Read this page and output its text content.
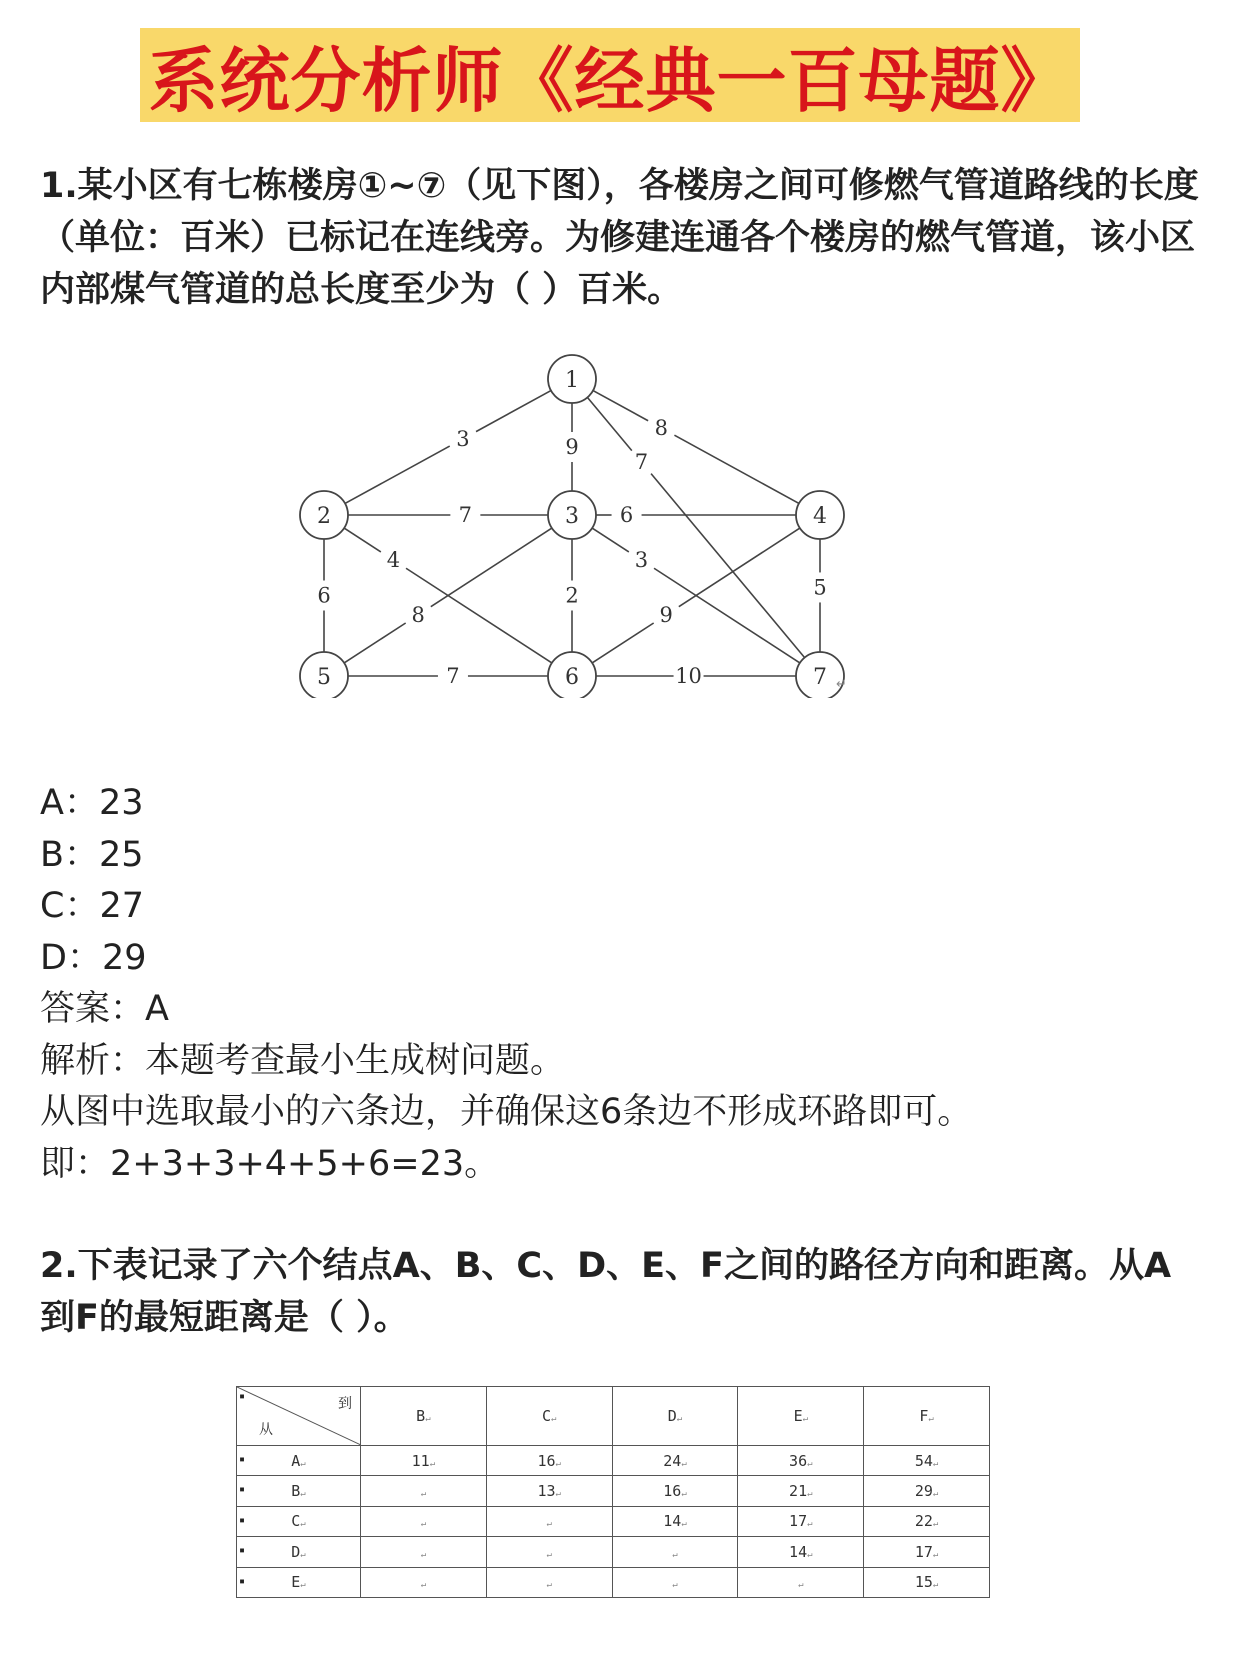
系统分析师《经典一百母题》
1.某小区有七栋楼房①~⑦（见下图），各楼房之间可修燃气管道路线的长度（单位：百米）已标记在连线旁。为修建连通各个楼房的燃气管道，该小区内部煤气管道的总长度至少为（ ）百米。
3	9
7
8
7	6
6
4
8
2
3
9
5
7	10
1
2	3	4
5	6	7 ↵
A：23
B：25
C：27
D：29
答案：A
解析：本题考查最小生成树问题。
从图中选取最小的六条边，并确保这6条边不形成环路即可。
即：2+3+3+4+5+6=23。
2.下表记录了六个结点A、B、C、D、E、F之间的路径方向和距离。从A到F的最短距离是（ ）。
▪ 到
从	B↵	C↵	D↵	E↵	F↵

▪ A↵	11↵	16↵	24↵	36↵	54↵

▪ B↵	↵	13↵	16↵	21↵	29↵

▪ C↵	↵	↵	14↵	17↵	22↵

▪ D↵	↵	↵	↵	14↵	17↵

▪ E↵	↵	↵	↵	↵	15↵
